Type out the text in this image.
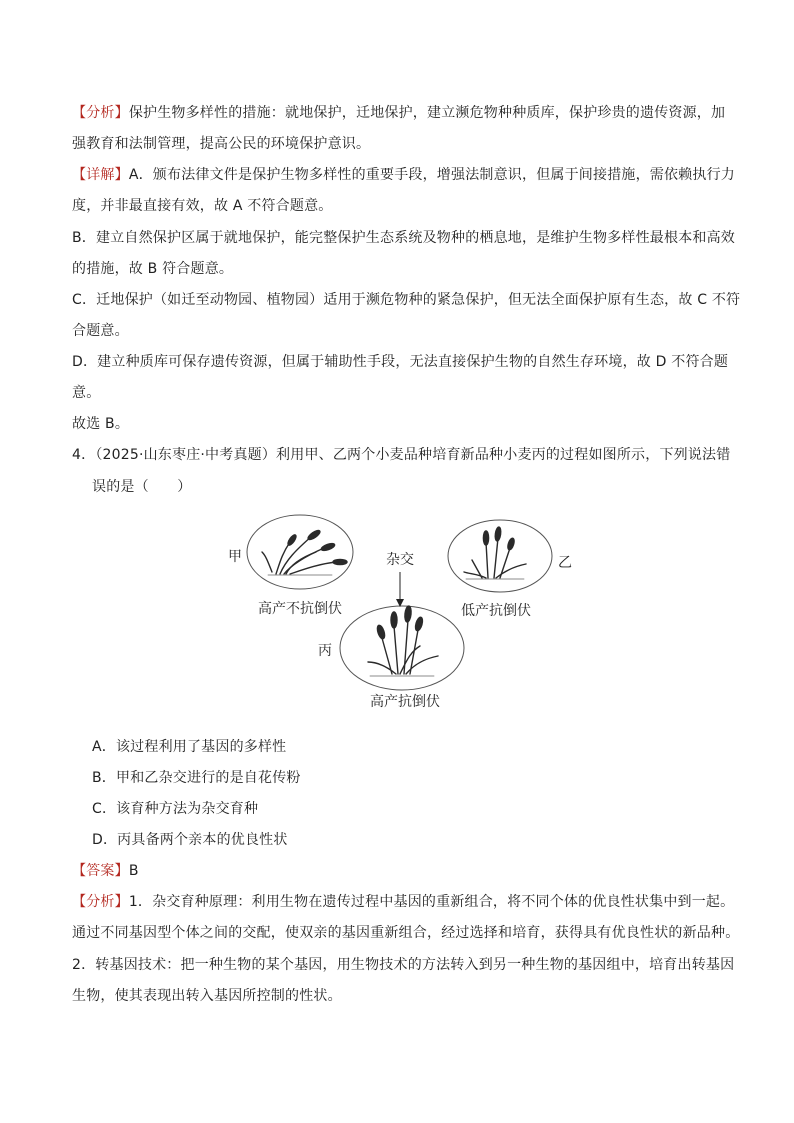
【分析】保护生物多样性的措施：就地保护，迁地保护，建立濒危物种种质库，保护珍贵的遗传资源，加
强教育和法制管理，提高公民的环境保护意识。
【详解】A．颁布法律文件是保护生物多样性的重要手段，增强法制意识，但属于间接措施，需依赖执行力
度，并非最直接有效，故 A 不符合题意。
B．建立自然保护区属于就地保护，能完整保护生态系统及物种的栖息地，是维护生物多样性最根本和高效
的措施，故 B 符合题意。
C．迁地保护（如迁至动物园、植物园）适用于濒危物种的紧急保护，但无法全面保护原有生态，故 C 不符
合题意。
D．建立种质库可保存遗传资源，但属于辅助性手段，无法直接保护生物的自然生存环境，故 D 不符合题
意。
故选 B。
4．（2025·山东枣庄·中考真题）利用甲、乙两个小麦品种培育新品种小麦丙的过程如图所示，下列说法错
误的是（　　）
甲	乙
丙
杂交
高产不抗倒伏	低产抗倒伏
高产抗倒伏
A．该过程利用了基因的多样性
B．甲和乙杂交进行的是自花传粉
C．该育种方法为杂交育种
D．丙具备两个亲本的优良性状
【答案】B
【分析】1．杂交育种原理：利用生物在遗传过程中基因的重新组合，将不同个体的优良性状集中到一起。
通过不同基因型个体之间的交配，使双亲的基因重新组合，经过选择和培育，获得具有优良性状的新品种。
2．转基因技术：把一种生物的某个基因，用生物技术的方法转入到另一种生物的基因组中，培育出转基因
生物，使其表现出转入基因所控制的性状。
